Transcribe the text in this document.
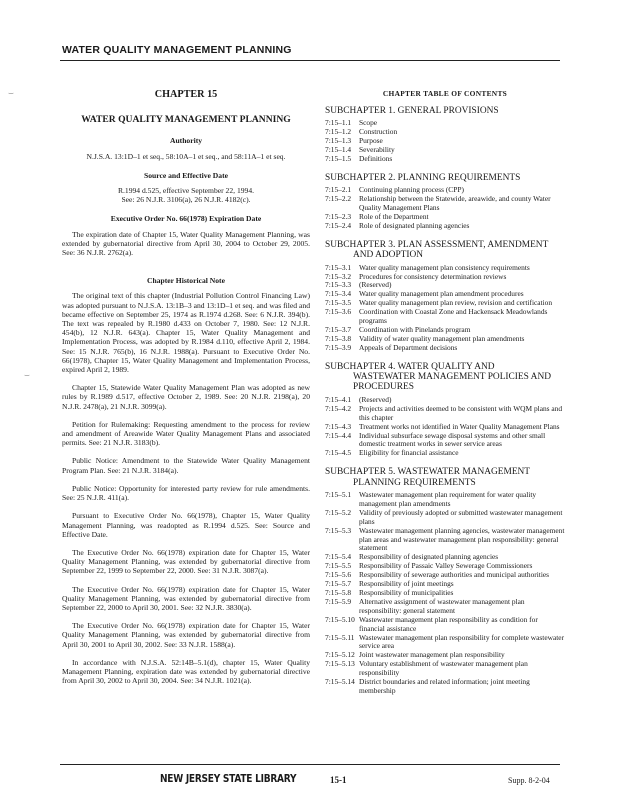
WATER QUALITY MANAGEMENT PLANNING
⌣
⌣
CHAPTER 15
WATER QUALITY MANAGEMENT PLANNING
Authority
N.J.S.A. 13:1D–1 et seq., 58:10A–1 et seq., and 58:11A–1 et seq.
Source and Effective Date
R.1994 d.525, effective September 22, 1994.
See: 26 N.J.R. 3106(a), 26 N.J.R. 4182(c).
Executive Order No. 66(1978) Expiration Date

The expiration date of Chapter 15, Water Quality Management Planning, was extended by gubernatorial directive from April 30, 2004 to October 29, 2005. See: 36 N.J.R. 2762(a).

Chapter Historical Note

The original text of this chapter (Industrial Pollution Control Financing Law) was adopted pursuant to N.J.S.A. 13:1B–3 and 13:1D–1 et seq. and was filed and became effective on September 25, 1974 as R.1974 d.268. See: 6 N.J.R. 394(b). The text was repealed by R.1980 d.433 on October 7, 1980. See: 12 N.J.R. 454(b), 12 N.J.R. 643(a). Chapter 15, Water Quality Management and Implementation Process, was adopted by R.1984 d.110, effective April 2, 1984. See: 15 N.J.R. 765(b), 16 N.J.R. 1988(a). Pursuant to Executive Order No. 66(1978), Chapter 15, Water Quality Management and Implementation Process, expired April 2, 1989.

Chapter 15, Statewide Water Quality Management Plan was adopted as new rules by R.1989 d.517, effective October 2, 1989. See: 20 N.J.R. 2198(a), 20 N.J.R. 2478(a), 21 N.J.R. 3099(a).

Petition for Rulemaking: Requesting amendment to the process for review and amendment of Areawide Water Quality Management Plans and associated permits. See: 21 N.J.R. 3183(b).

Public Notice: Amendment to the Statewide Water Quality Management Program Plan. See: 21 N.J.R. 3184(a).

Public Notice: Opportunity for interested party review for rule amendments. See: 25 N.J.R. 411(a).

Pursuant to Executive Order No. 66(1978), Chapter 15, Water Quality Management Planning, was readopted as R.1994 d.525. See: Source and Effective Date.

The Executive Order No. 66(1978) expiration date for Chapter 15, Water Quality Management Planning, was extended by gubernatorial directive from September 22, 1999 to September 22, 2000. See: 31 N.J.R. 3087(a).

The Executive Order No. 66(1978) expiration date for Chapter 15, Water Quality Management Planning, was extended by gubernatorial directive from September 22, 2000 to April 30, 2001. See: 32 N.J.R. 3830(a).

The Executive Order No. 66(1978) expiration date for Chapter 15, Water Quality Management Planning, was extended by gubernatorial directive from April 30, 2001 to April 30, 2002. See: 33 N.J.R. 1588(a).

In accordance with N.J.S.A. 52:14B–5.1(d), chapter 15, Water Quality Management Planning, expiration date was extended by gubernatorial directive from April 30, 2002 to April 30, 2004. See: 34 N.J.R. 1021(a).

CHAPTER TABLE OF CONTENTS
SUBCHAPTER 1. GENERAL PROVISIONS
7:15–1.1	Scope
7:15–1.2	Construction
7:15–1.3	Purpose
7:15–1.4	Severability
7:15–1.5	Definitions
SUBCHAPTER 2. PLANNING REQUIREMENTS
7:15–2.1	Continuing planning process (CPP)
7:15–2.2	Relationship between the Statewide, areawide, and county Water Quality Management Plans
7:15–2.3	Role of the Department
7:15–2.4	Role of designated planning agencies
SUBCHAPTER 3. PLAN ASSESSMENT, AMENDMENT
AND ADOPTION
7:15–3.1	Water quality management plan consistency requirements
7:15–3.2	Procedures for consistency determination reviews
7:15–3.3	(Reserved)
7:15–3.4	Water quality management plan amendment procedures
7:15–3.5	Water quality management plan review, revision and certification
7:15–3.6	Coordination with Coastal Zone and Hackensack Meadowlands programs
7:15–3.7	Coordination with Pinelands program
7:15–3.8	Validity of water quality management plan amendments
7:15–3.9	Appeals of Department decisions
SUBCHAPTER 4. WATER QUALITY AND
WASTEWATER MANAGEMENT POLICIES AND PROCEDURES
7:15–4.1	(Reserved)
7:15–4.2	Projects and activities deemed to be consistent with WQM plans and this chapter
7:15–4.3	Treatment works not identified in Water Quality Management Plans
7:15–4.4	Individual subsurface sewage disposal systems and other small domestic treatment works in sewer service areas
7:15–4.5	Eligibility for financial assistance
SUBCHAPTER 5. WASTEWATER MANAGEMENT
PLANNING REQUIREMENTS
7:15–5.1	Wastewater management plan requirement for water quality management plan amendments
7:15–5.2	Validity of previously adopted or submitted wastewater management plans
7:15–5.3	Wastewater management planning agencies, wastewater management plan areas and wastewater management plan responsibility: general statement
7:15–5.4	Responsibility of designated planning agencies
7:15–5.5	Responsibility of Passaic Valley Sewerage Commissioners
7:15–5.6	Responsibility of sewerage authorities and municipal authorities
7:15–5.7	Responsibility of joint meetings
7:15–5.8	Responsibility of municipalities
7:15–5.9	Alternative assignment of wastewater management plan responsibility: general statement
7:15–5.10 Wastewater management plan responsibility as condition for financial assistance
7:15–5.11 Wastewater management plan responsibility for complete wastewater service area
7:15–5.12 Joint wastewater management plan responsibility
7:15–5.13 Voluntary establishment of wastewater management plan responsibility
7:15–5.14 District boundaries and related information; joint meeting membership
NEW JERSEY STATE LIBRARY	15-1	Supp. 8-2-04
